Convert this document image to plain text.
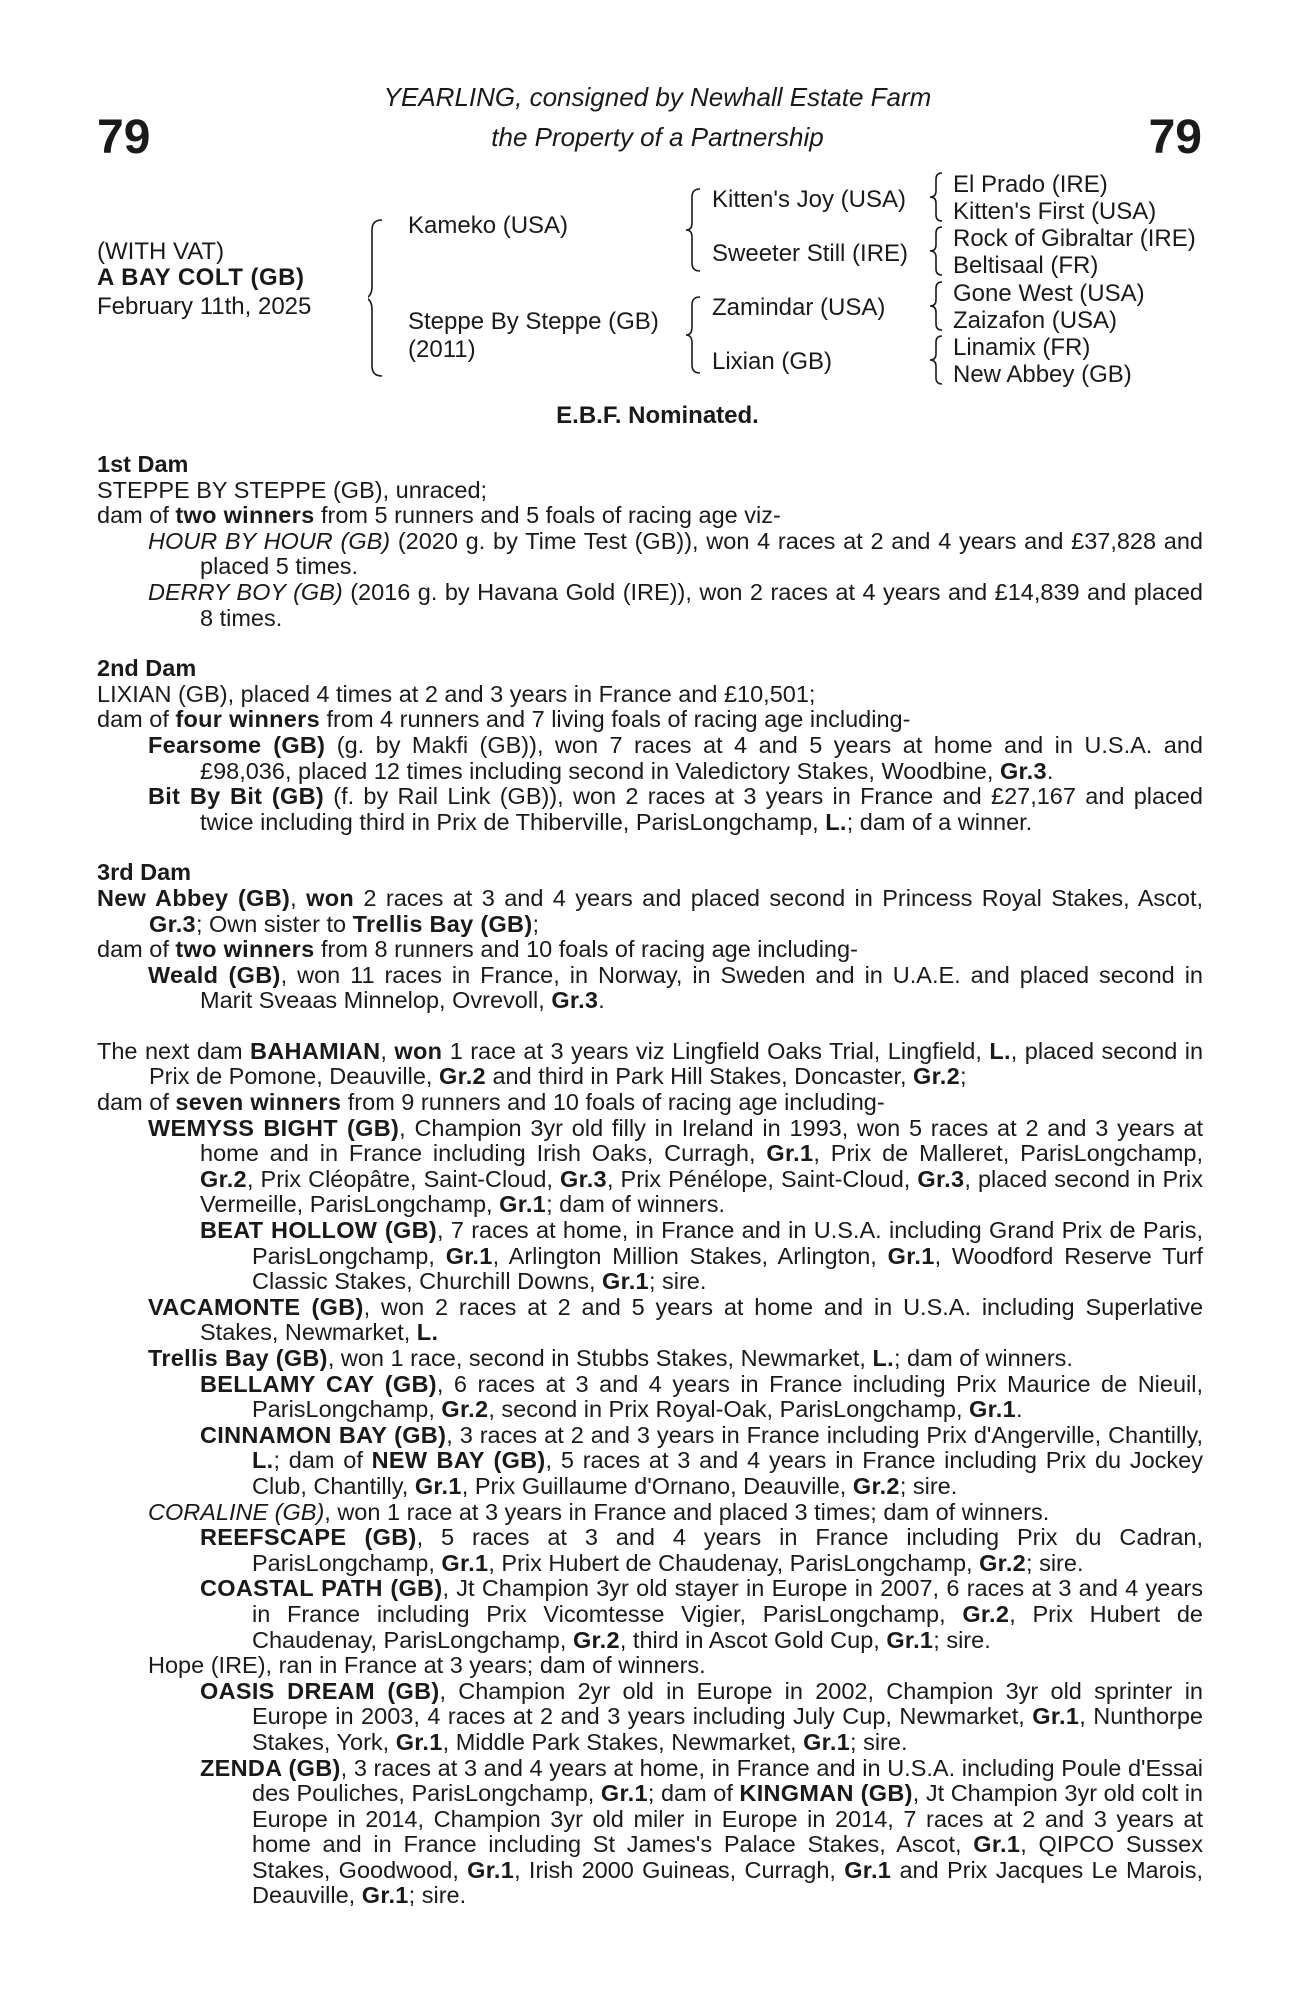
79	79
YEARLING, consigned by Newhall Estate Farm
the Property of a Partnership
(WITH VAT)
A BAY COLT (GB)
February 11th, 2025
Kameko (USA)
Steppe By Steppe (GB)
(2011)
Kitten's Joy (USA)
Sweeter Still (IRE)
Zamindar (USA)
Lixian (GB)
El Prado (IRE)
Kitten's First (USA)
Rock of Gibraltar (IRE)
Beltisaal (FR)
Gone West (USA)
Zaizafon (USA)
Linamix (FR)
New Abbey (GB)
E.B.F. Nominated.

1st Dam

STEPPE BY STEPPE (GB), unraced;

dam of two winners from 5 runners and 5 foals of racing age viz-

HOUR BY HOUR (GB) (2020 g. by Time Test (GB)), won 4 races at 2 and 4 years and £37,828 and placed 5 times.

DERRY BOY (GB) (2016 g. by Havana Gold (IRE)), won 2 races at 4 years and £14,839 and placed 8 times.

2nd Dam

LIXIAN (GB), placed 4 times at 2 and 3 years in France and £10,501;

dam of four winners from 4 runners and 7 living foals of racing age including-

Fearsome (GB) (g. by Makfi (GB)), won 7 races at 4 and 5 years at home and in U.S.A. and £98,036, placed 12 times including second in Valedictory Stakes, Woodbine, Gr.3.

Bit By Bit (GB) (f. by Rail Link (GB)), won 2 races at 3 years in France and £27,167 and placed twice including third in Prix de Thiberville, ParisLongchamp, L.; dam of a winner.

3rd Dam

New Abbey (GB), won 2 races at 3 and 4 years and placed second in Princess Royal Stakes, Ascot, Gr.3; Own sister to Trellis Bay (GB);

dam of two winners from 8 runners and 10 foals of racing age including-

Weald (GB), won 11 races in France, in Norway, in Sweden and in U.A.E. and placed second in Marit Sveaas Minnelop, Ovrevoll, Gr.3.

The next dam BAHAMIAN, won 1 race at 3 years viz Lingfield Oaks Trial, Lingfield, L., placed second in Prix de Pomone, Deauville, Gr.2 and third in Park Hill Stakes, Doncaster, Gr.2;

dam of seven winners from 9 runners and 10 foals of racing age including-

WEMYSS BIGHT (GB), Champion 3yr old filly in Ireland in 1993, won 5 races at 2 and 3 years at home and in France including Irish Oaks, Curragh, Gr.1, Prix de Malleret, ParisLongchamp, Gr.2, Prix Cléopâtre, Saint-Cloud, Gr.3, Prix Pénélope, Saint-Cloud, Gr.3, placed second in Prix Vermeille, ParisLongchamp, Gr.1; dam of winners.

BEAT HOLLOW (GB), 7 races at home, in France and in U.S.A. including Grand Prix de Paris, ParisLongchamp, Gr.1, Arlington Million Stakes, Arlington, Gr.1, Woodford Reserve Turf Classic Stakes, Churchill Downs, Gr.1; sire.

VACAMONTE (GB), won 2 races at 2 and 5 years at home and in U.S.A. including Superlative Stakes, Newmarket, L.

Trellis Bay (GB), won 1 race, second in Stubbs Stakes, Newmarket, L.; dam of winners.

BELLAMY CAY (GB), 6 races at 3 and 4 years in France including Prix Maurice de Nieuil, ParisLongchamp, Gr.2, second in Prix Royal-Oak, ParisLongchamp, Gr.1.

CINNAMON BAY (GB), 3 races at 2 and 3 years in France including Prix d'Angerville, Chantilly, L.; dam of NEW BAY (GB), 5 races at 3 and 4 years in France including Prix du Jockey Club, Chantilly, Gr.1, Prix Guillaume d'Ornano, Deauville, Gr.2; sire.

CORALINE (GB), won 1 race at 3 years in France and placed 3 times; dam of winners.

REEFSCAPE (GB), 5 races at 3 and 4 years in France including Prix du Cadran, ParisLongchamp, Gr.1, Prix Hubert de Chaudenay, ParisLongchamp, Gr.2; sire.

COASTAL PATH (GB), Jt Champion 3yr old stayer in Europe in 2007, 6 races at 3 and 4 years in France including Prix Vicomtesse Vigier, ParisLongchamp, Gr.2, Prix Hubert de Chaudenay, ParisLongchamp, Gr.2, third in Ascot Gold Cup, Gr.1; sire.

Hope (IRE), ran in France at 3 years; dam of winners.

OASIS DREAM (GB), Champion 2yr old in Europe in 2002, Champion 3yr old sprinter in Europe in 2003, 4 races at 2 and 3 years including July Cup, Newmarket, Gr.1, Nunthorpe Stakes, York, Gr.1, Middle Park Stakes, Newmarket, Gr.1; sire.

ZENDA (GB), 3 races at 3 and 4 years at home, in France and in U.S.A. including Poule d'Essai des Pouliches, ParisLongchamp, Gr.1; dam of KINGMAN (GB), Jt Champion 3yr old colt in Europe in 2014, Champion 3yr old miler in Europe in 2014, 7 races at 2 and 3 years at home and in France including St James's Palace Stakes, Ascot, Gr.1, QIPCO Sussex Stakes, Goodwood, Gr.1, Irish 2000 Guineas, Curragh, Gr.1 and Prix Jacques Le Marois, Deauville, Gr.1; sire.
